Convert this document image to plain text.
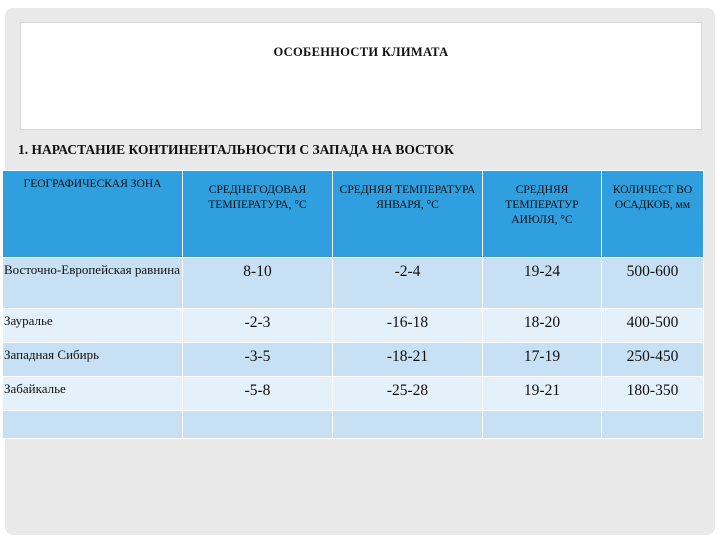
ОСОБЕННОСТИ КЛИМАТА
1. НАРАСТАНИЕ КОНТИНЕНТАЛЬНОСТИ С ЗАПАДА НА ВОСТОК
ГЕОГРАФИЧЕСКАЯ ЗОНА	СРЕДНЕГОДОВАЯ ТЕМПЕРАТУРА, °С	СРЕДНЯЯ ТЕМПЕРАТУРА ЯНВАРЯ, °С	СРЕДНЯЯ ТЕМПЕРАТУР АИЮЛЯ, °С	КОЛИЧЕСТ ВО ОСАДКОВ, мм
Восточно-Европейская равнина	8-10	-2-4	19-24	500-600
Зауралье	-2-3	-16-18	18-20	400-500
Западная Сибирь	-3-5	-18-21	17-19	250-450
Забайкалье	-5-8	-25-28	19-21	180-350
